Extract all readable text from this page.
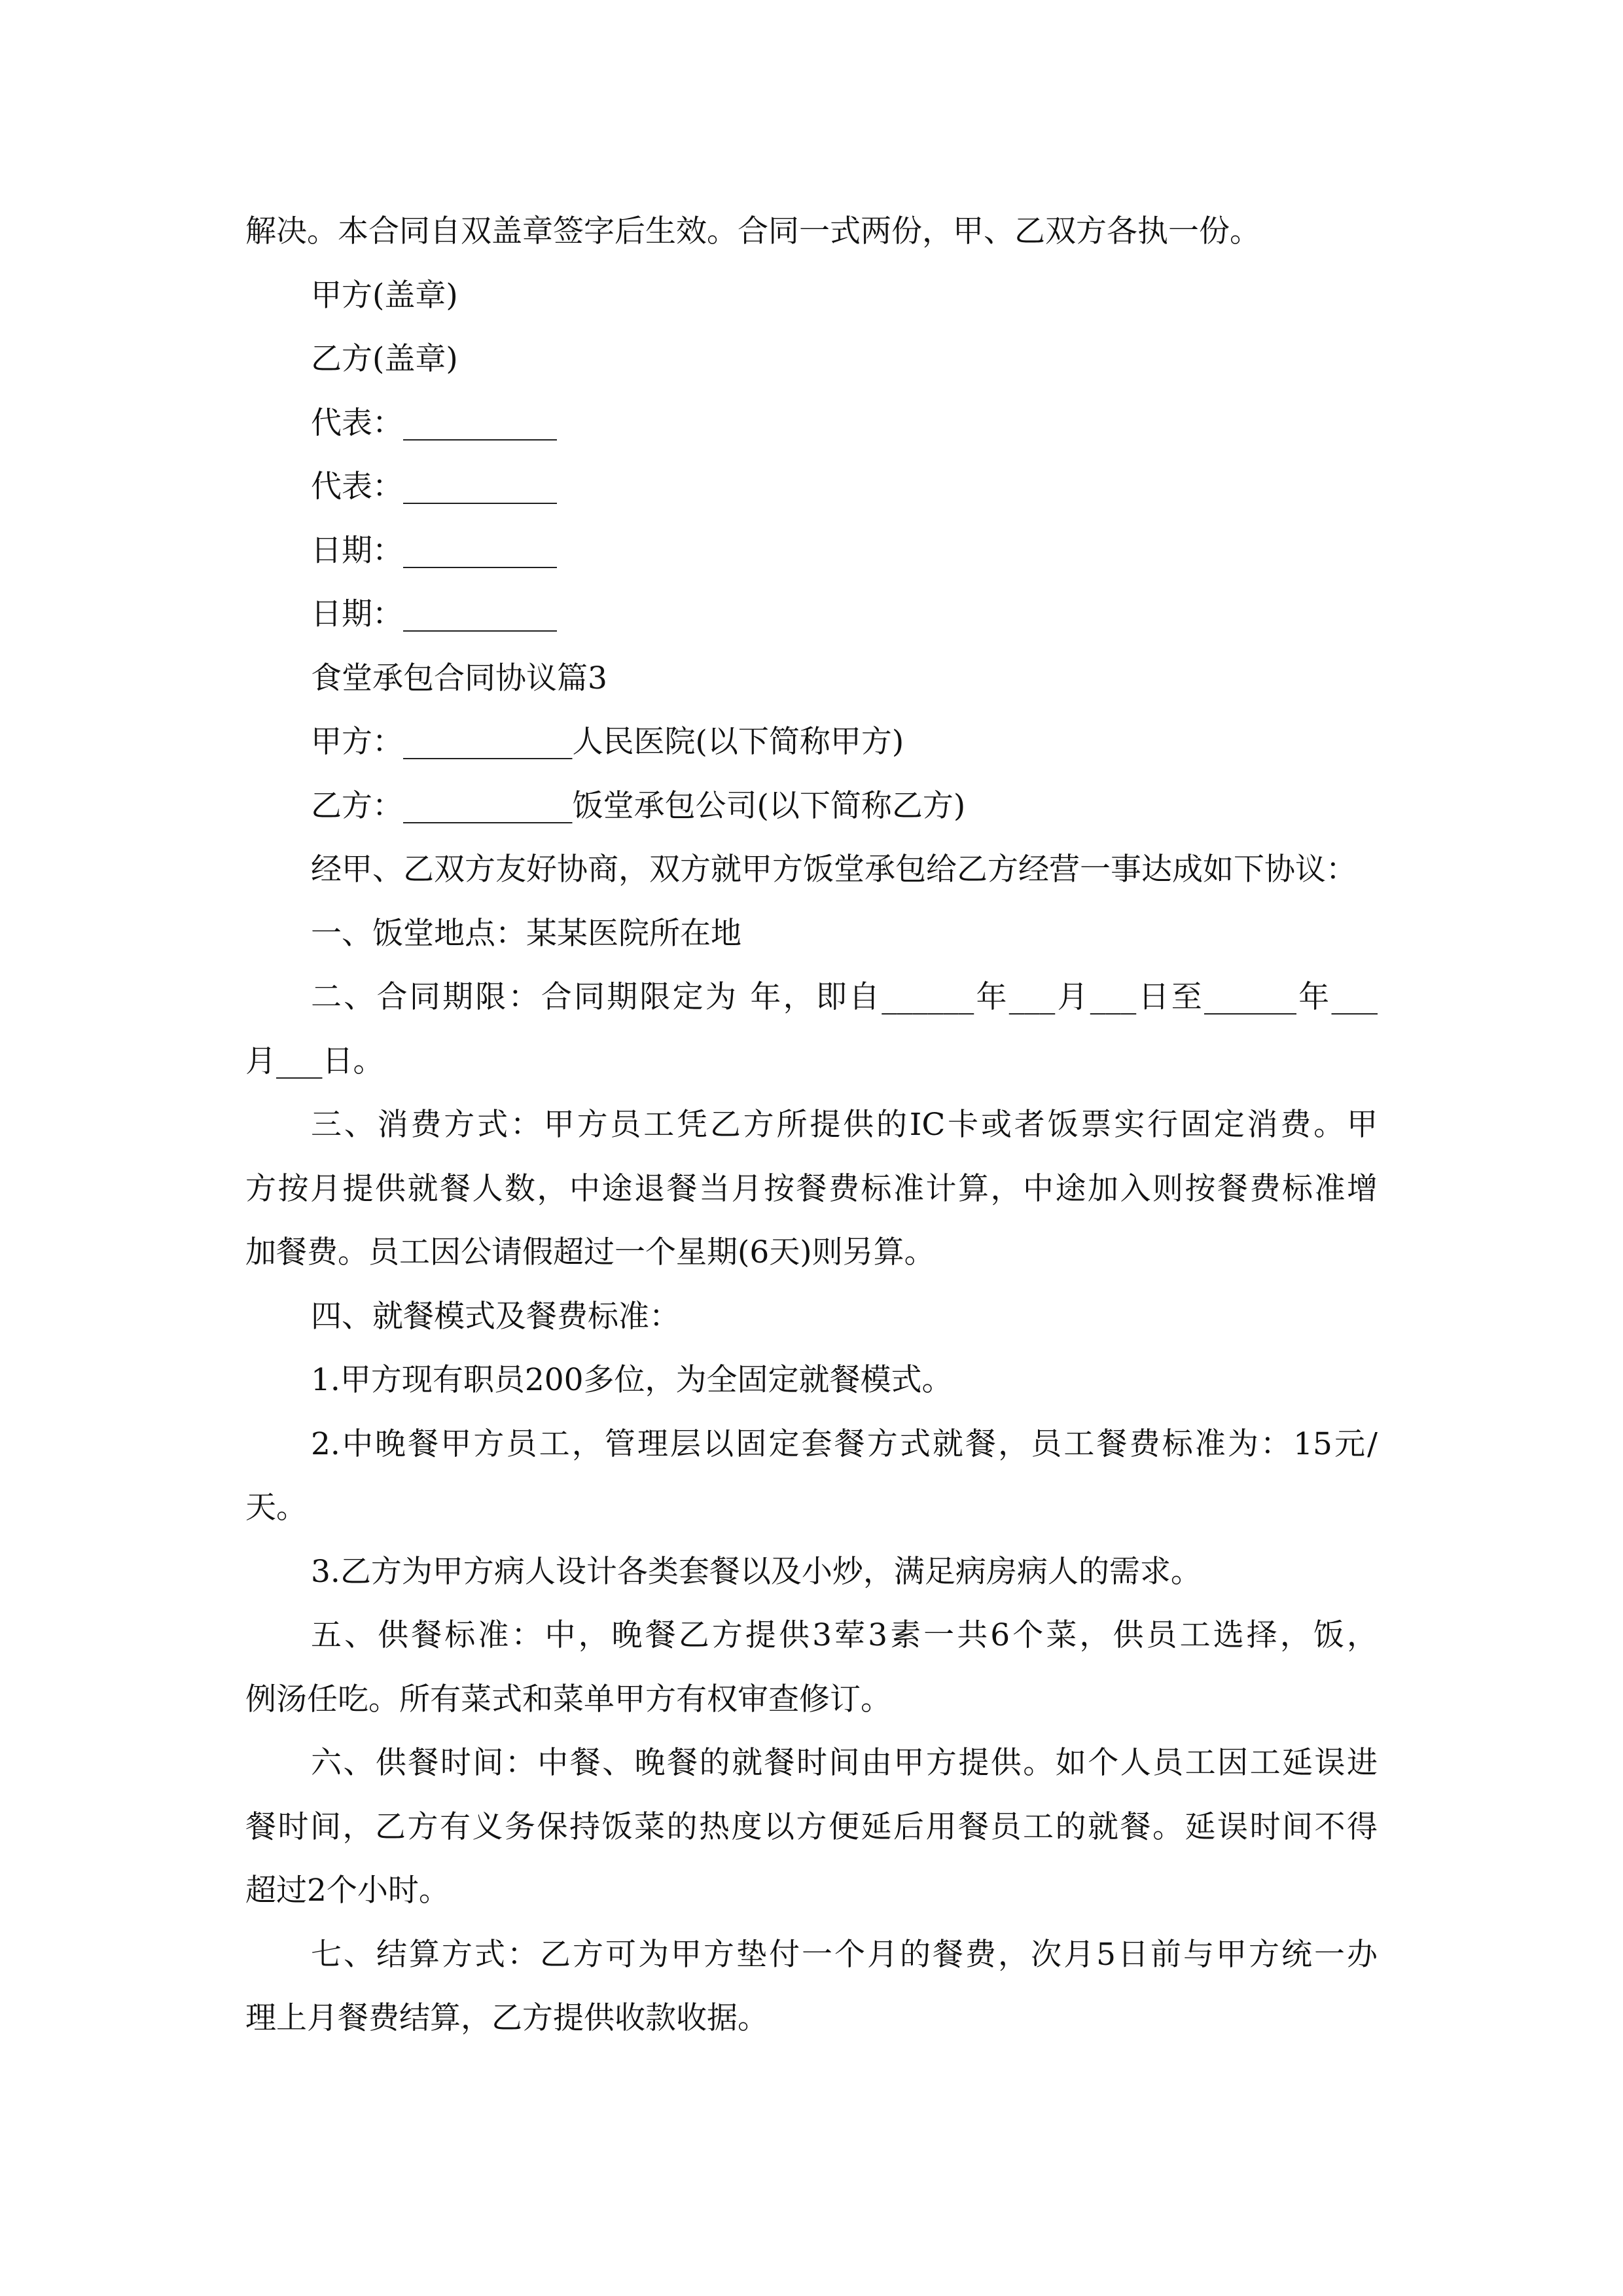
解决。本合同自双盖章签字后生效。合同一式两份，甲、乙双方各执一份。
甲方(盖章)
乙方(盖章)
代表：__________
代表：__________
日期：__________
日期：__________
食堂承包合同协议篇3
甲方：___________人民医院(以下简称甲方)
乙方：___________饭堂承包公司(以下简称乙方)
经甲、乙双方友好协商，双方就甲方饭堂承包给乙方经营一事达成如下协议：
一、饭堂地点：某某医院所在地
二、合同期限：合同期限定为 年，即自______年___月___日至______年___
月___日。
三、消费方式：甲方员工凭乙方所提供的IC卡或者饭票实行固定消费。甲
方按月提供就餐人数，中途退餐当月按餐费标准计算，中途加入则按餐费标准增
加餐费。员工因公请假超过一个星期(6天)则另算。
四、就餐模式及餐费标准：
1.甲方现有职员200多位，为全固定就餐模式。
2.中晚餐甲方员工，管理层以固定套餐方式就餐，员工餐费标准为：15元/
天。
3.乙方为甲方病人设计各类套餐以及小炒，满足病房病人的需求。
五、供餐标准：中，晚餐乙方提供3荤3素一共6个菜，供员工选择，饭，
例汤任吃。所有菜式和菜单甲方有权审查修订。
六、供餐时间：中餐、晚餐的就餐时间由甲方提供。如个人员工因工延误进
餐时间，乙方有义务保持饭菜的热度以方便延后用餐员工的就餐。延误时间不得
超过2个小时。
七、结算方式：乙方可为甲方垫付一个月的餐费，次月5日前与甲方统一办
理上月餐费结算，乙方提供收款收据。
